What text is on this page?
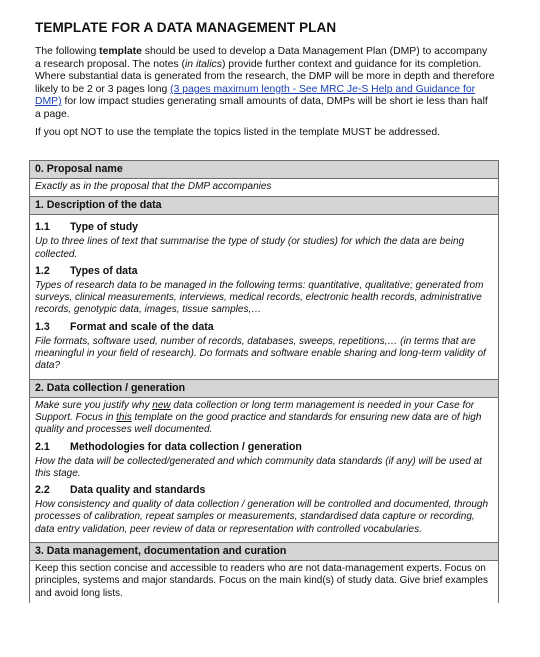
TEMPLATE FOR A DATA MANAGEMENT PLAN

The following template should be used to develop a Data Management Plan (DMP) to accompany a research proposal. The notes (in italics) provide further context and guidance for its completion. Where substantial data is generated from the research, the DMP will be more in depth and therefore likely to be 2 or 3 pages long (3 pages maximum length - See MRC Je-S Help and Guidance for DMP) for low impact studies generating small amounts of data, DMPs will be short ie less than half a page.

If you opt NOT to use the template the topics listed in the template MUST be addressed.

0. Proposal name
Exactly as in the proposal that the DMP accompanies
1. Description of the data
1.1 Type of study
Up to three lines of text that summarise the type of study (or studies) for which the data are being collected.
1.2 Types of data
Types of research data to be managed in the following terms: quantitative, qualitative; generated from surveys, clinical measurements, interviews, medical records, electronic health records, administrative records, genotypic data, images, tissue samples,…
1.3 Format and scale of the data
File formats, software used, number of records, databases, sweeps, repetitions,… (in terms that are meaningful in your field of research). Do formats and software enable sharing and long-term validity of data?
2. Data collection / generation
Make sure you justify why new data collection or long term management is needed in your Case for Support. Focus in this template on the good practice and standards for ensuring new data are of high quality and processes well documented.
2.1 Methodologies for data collection / generation
How the data will be collected/generated and which community data standards (if any) will be used at this stage.
2.2 Data quality and standards
How consistency and quality of data collection / generation will be controlled and documented, through processes of calibration, repeat samples or measurements, standardised data capture or recording, data entry validation, peer review of data or representation with controlled vocabularies.
3. Data management, documentation and curation
Keep this section concise and accessible to readers who are not data-management experts. Focus on principles, systems and major standards. Focus on the main kind(s) of study data. Give brief examples and avoid long lists.
